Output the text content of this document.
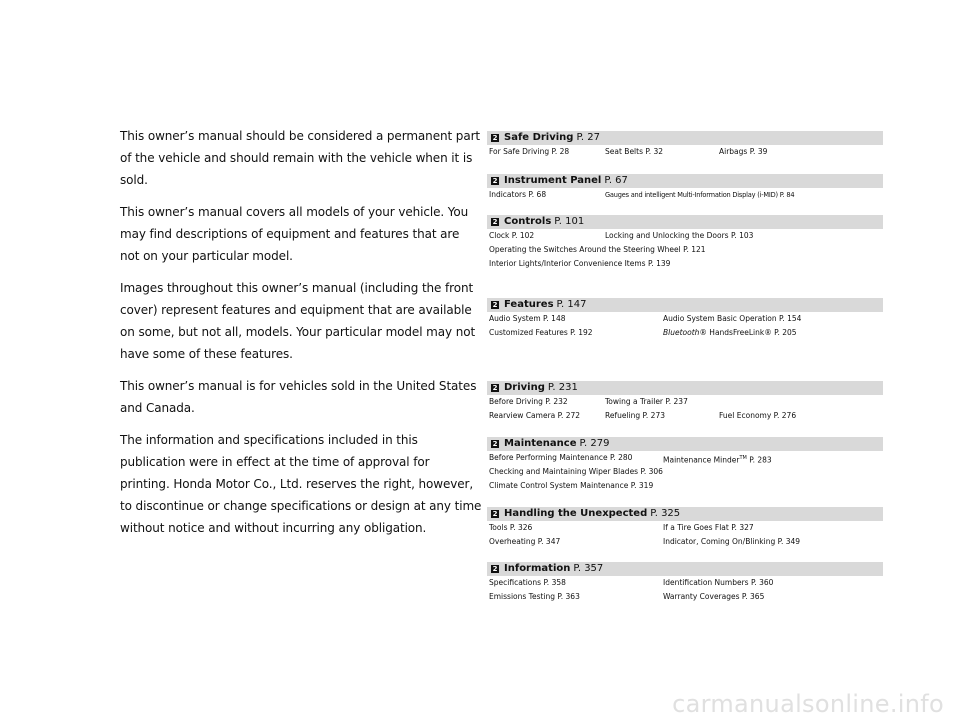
This owner’s manual should be considered a permanent part of the vehicle and should remain with the vehicle when it is sold.

This owner’s manual covers all models of your vehicle. You may find descriptions of equipment and features that are not on your particular model.

Images throughout this owner’s manual (including the front cover) represent features and equipment that are available on some, but not all, models. Your particular model may not have some of these features.

This owner’s manual is for vehicles sold in the United States and Canada.

The information and specifications included in this publication were in effect at the time of approval for printing. Honda Motor Co., Ltd. reserves the right, however, to discontinue or change specifications or design at any time without notice and without incurring any obligation.

2 Safe Driving P. 27
For Safe Driving P. 28	Seat Belts P. 32	Airbags P. 39
2 Instrument Panel P. 67
Indicators P. 68	Gauges and intelligent Multi-Information Display (i-MID) P. 84
2 Controls P. 101
Clock P. 102	Locking and Unlocking the Doors P. 103
Operating the Switches Around the Steering Wheel P. 121
Interior Lights/Interior Convenience Items P. 139
2 Features P. 147
Audio System P. 148	Audio System Basic Operation P. 154
Customized Features P. 192	Bluetooth® HandsFreeLink® P. 205
2 Driving P. 231
Before Driving P. 232	Towing a Trailer P. 237
Rearview Camera P. 272	Refueling P. 273	Fuel Economy P. 276
2 Maintenance P. 279
Before Performing Maintenance P. 280	Maintenance Minder™ P. 283
Checking and Maintaining Wiper Blades P. 306
Climate Control System Maintenance P. 319
2 Handling the Unexpected P. 325
Tools P. 326	If a Tire Goes Flat P. 327
Overheating P. 347	Indicator, Coming On/Blinking P. 349
2 Information P. 357
Specifications P. 358	Identification Numbers P. 360
Emissions Testing P. 363	Warranty Coverages P. 365
carmanualsonline.info
